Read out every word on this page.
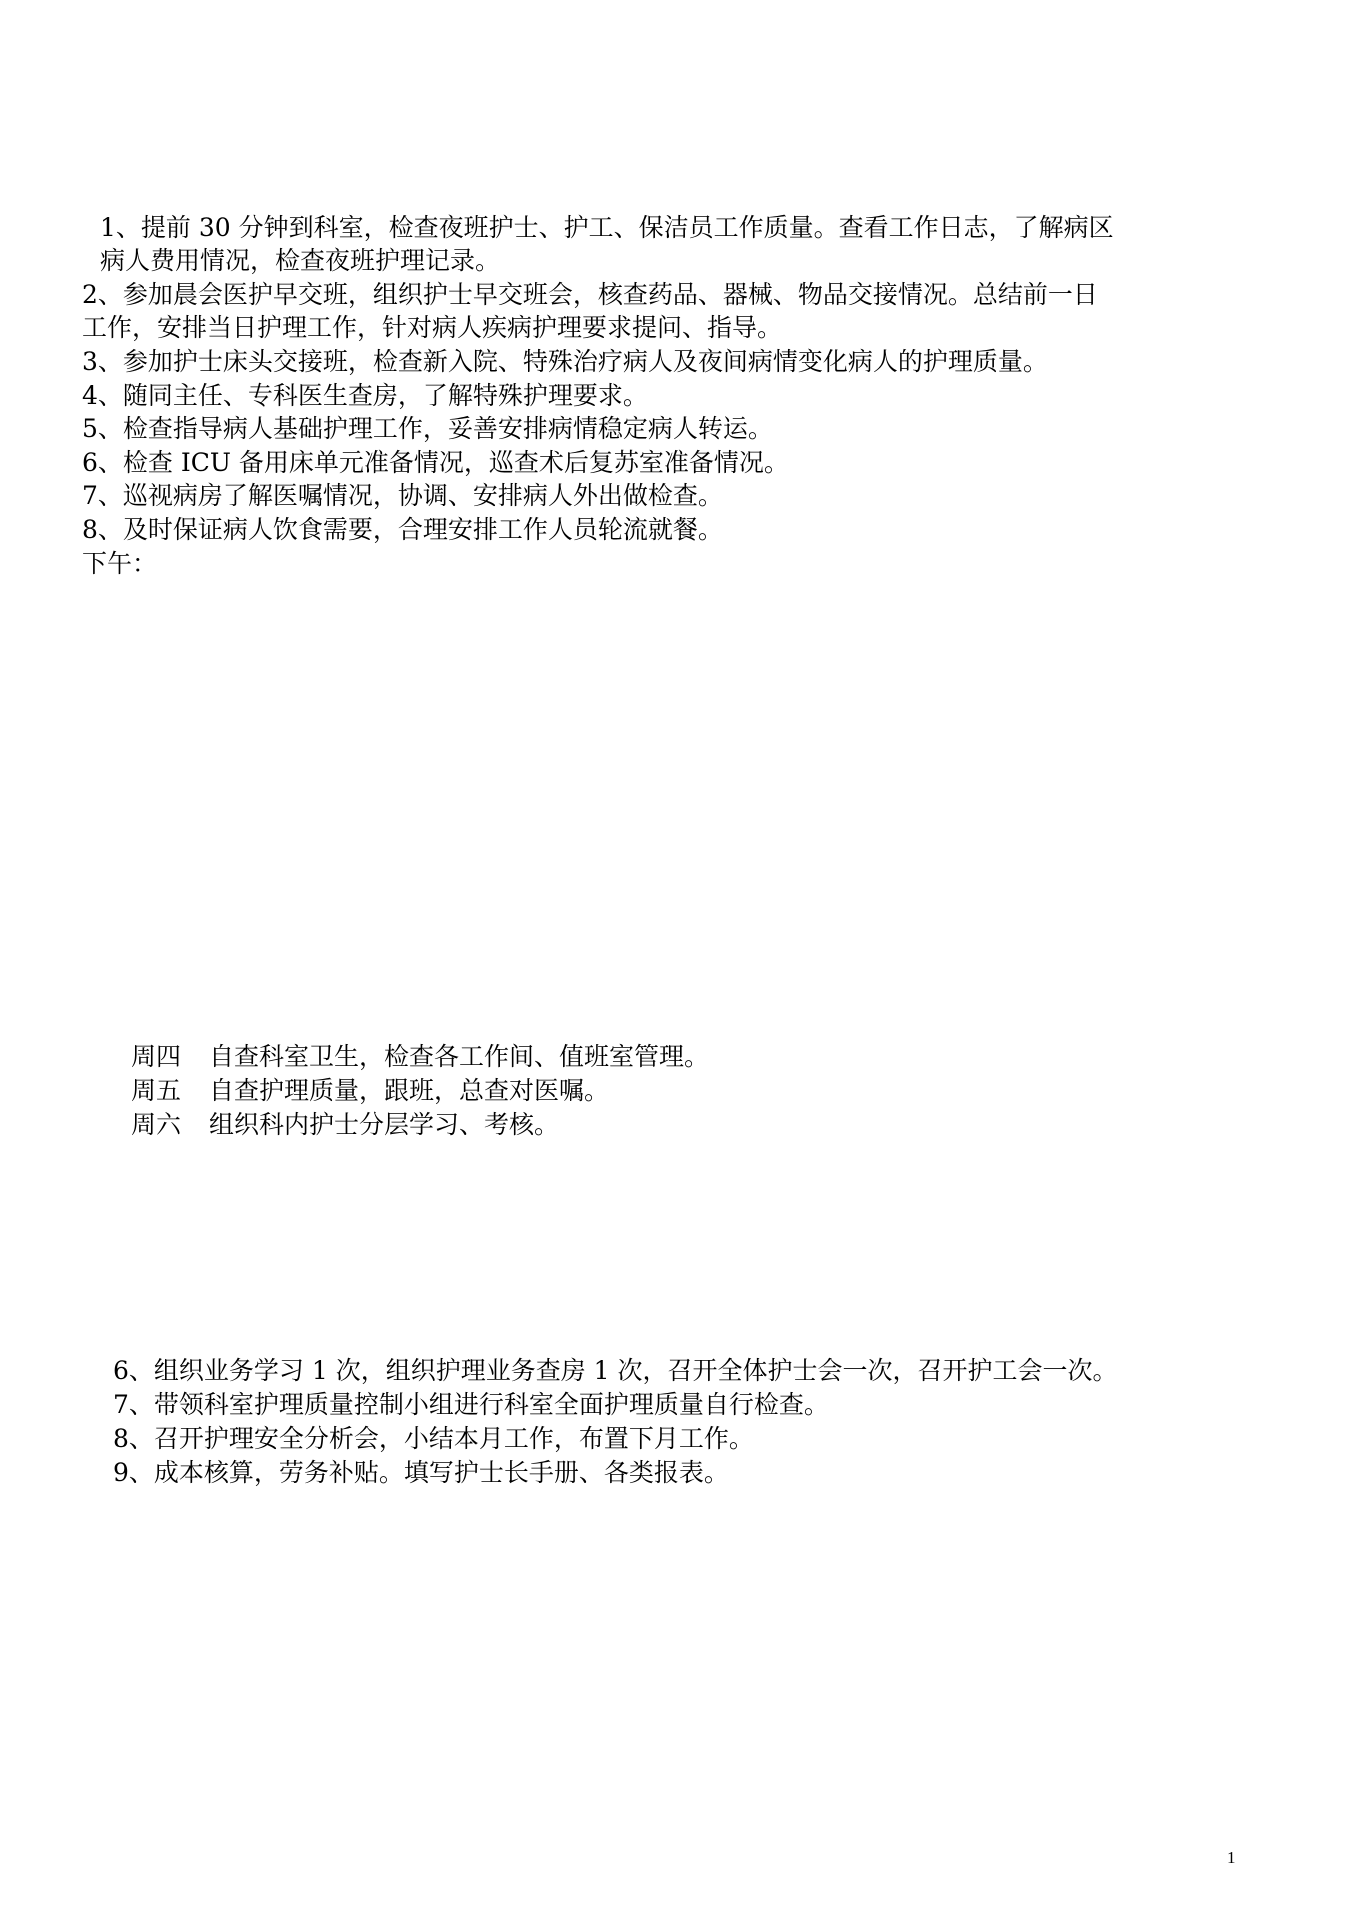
1、提前 30 分钟到科室，检查夜班护士、护工、保洁员工作质量。查看工作日志，了解病区

病人费用情况，检查夜班护理记录。

2、参加晨会医护早交班，组织护士早交班会，核查药品、器械、物品交接情况。总结前一日

工作，安排当日护理工作，针对病人疾病护理要求提问、指导。

3、参加护士床头交接班，检查新入院、特殊治疗病人及夜间病情变化病人的护理质量。

4、随同主任、专科医生查房，了解特殊护理要求。

5、检查指导病人基础护理工作，妥善安排病情稳定病人转运。

6、检查 ICU 备用床单元准备情况，巡查术后复苏室准备情况。

7、巡视病房了解医嘱情况，协调、安排病人外出做检查。

8、及时保证病人饮食需要，合理安排工作人员轮流就餐。

下午：

周四 自查科室卫生，检查各工作间、值班室管理。

周五 自查护理质量，跟班，总查对医嘱。

周六 组织科内护士分层学习、考核。

6、组织业务学习 1 次，组织护理业务查房 1 次，召开全体护士会一次，召开护工会一次。

7、带领科室护理质量控制小组进行科室全面护理质量自行检查。

8、召开护理安全分析会，小结本月工作，布置下月工作。

9、成本核算，劳务补贴。填写护士长手册、各类报表。

1
